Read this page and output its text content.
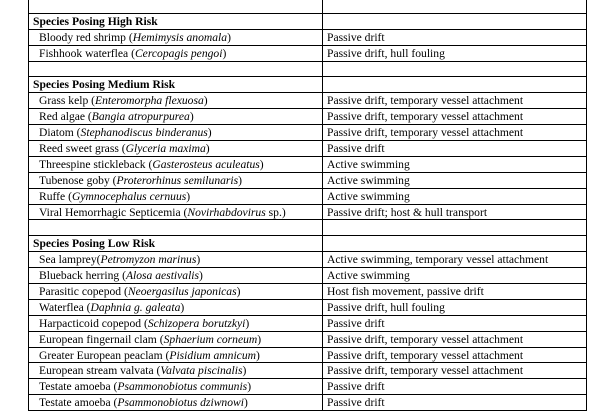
Species Posing High Risk	
Bloody red shrimp (Hemimysis anomala)	Passive drift
Fishhook waterflea (Cercopagis pengoi)	Passive drift, hull fouling

Species Posing Medium Risk	
Grass kelp (Enteromorpha flexuosa)	Passive drift, temporary vessel attachment
Red algae (Bangia atropurpurea)	Passive drift, temporary vessel attachment
Diatom (Stephanodiscus binderanus)	Passive drift, temporary vessel attachment
Reed sweet grass (Glyceria maxima)	Passive drift
Threespine stickleback (Gasterosteus aculeatus)	Active swimming
Tubenose goby (Proterorhinus semilunaris)	Active swimming
Ruffe (Gymnocephalus cernuus)	Active swimming
Viral Hemorrhagic Septicemia (Novirhabdovirus sp.)	Passive drift; host & hull transport

Species Posing Low Risk	
Sea lamprey(Petromyzon marinus)	Active swimming, temporary vessel attachment
Blueback herring (Alosa aestivalis)	Active swimming
Parasitic copepod (Neoergasilus japonicas)	Host fish movement, passive drift
Waterflea (Daphnia g. galeata)	Passive drift, hull fouling
Harpacticoid copepod (Schizopera borutzkyi)	Passive drift
European fingernail clam (Sphaerium corneum)	Passive drift, temporary vessel attachment
Greater European peaclam (Pisidium amnicum)	Passive drift, temporary vessel attachment
European stream valvata (Valvata piscinalis)	Passive drift, temporary vessel attachment
Testate amoeba (Psammonobiotus communis)	Passive drift
Testate amoeba (Psammonobiotus dziwnowi)	Passive drift
